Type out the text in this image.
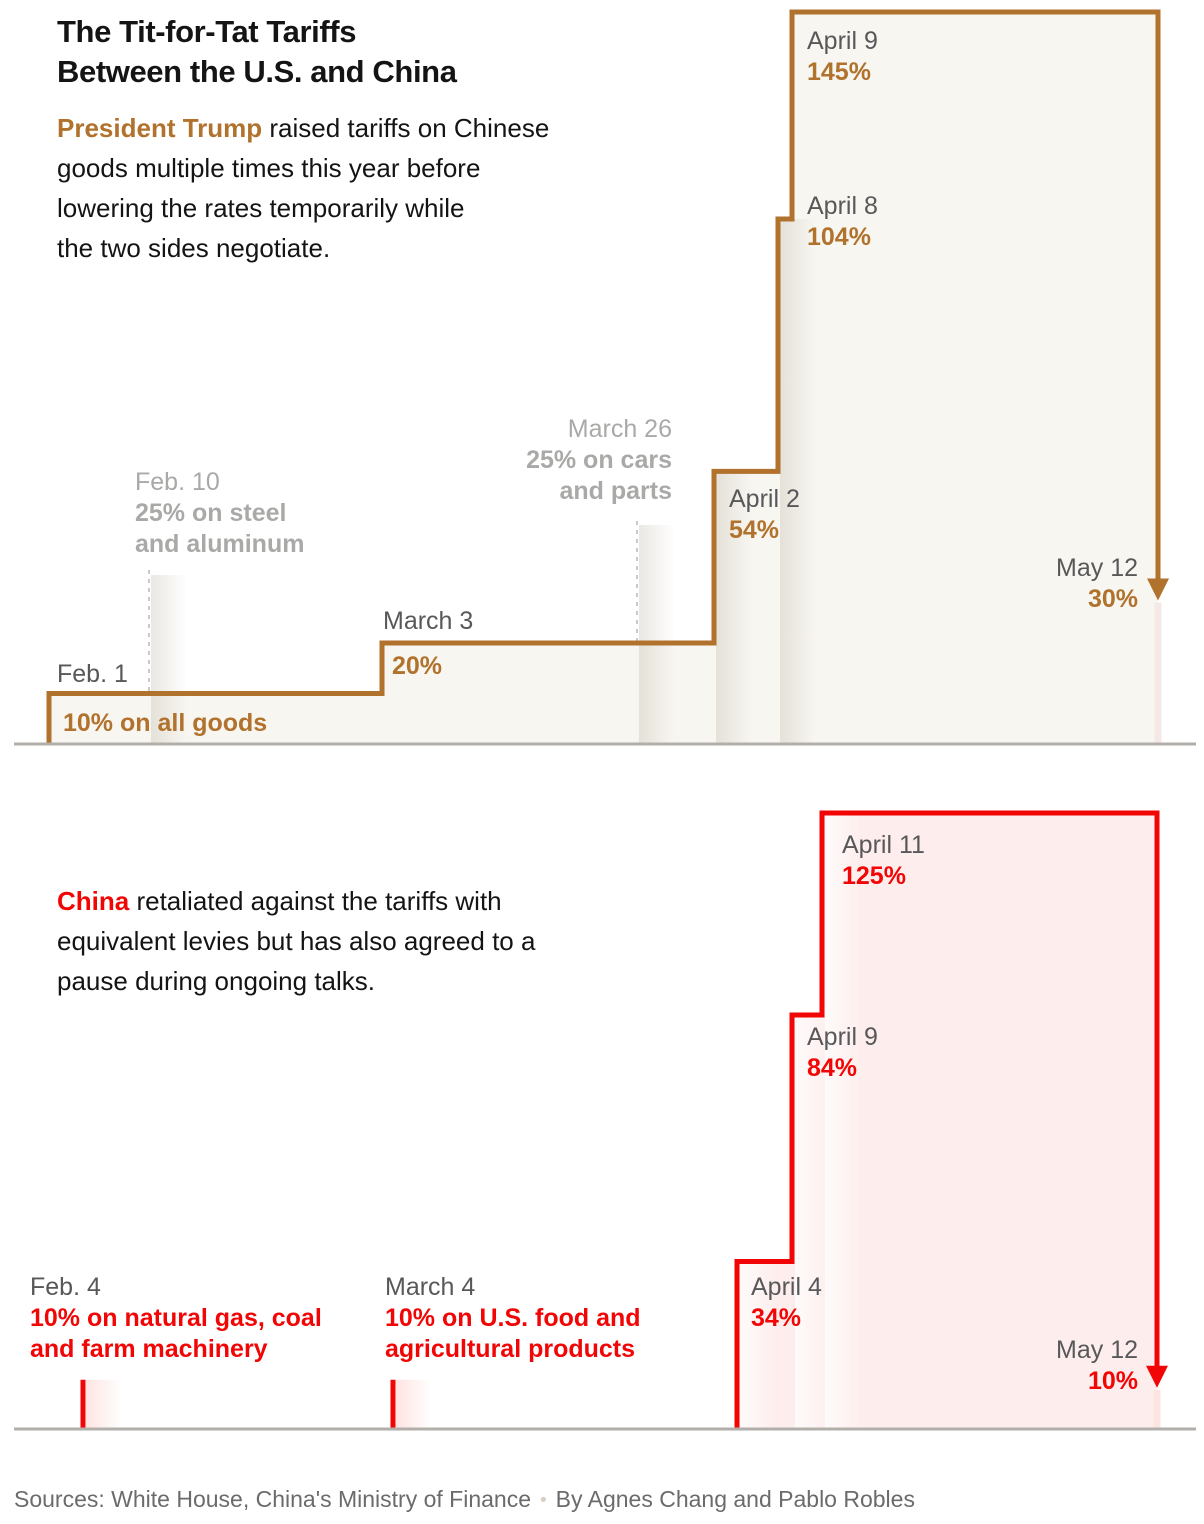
The Tit-for-Tat Tariffs
Between the U.S. and China

President Trump raised tariffs on Chinese
goods multiple times this year before
lowering the rates temporarily while
the two sides negotiate.

China retaliated against the tariffs with
equivalent levies but has also agreed to a
pause during ongoing talks.

April 9
145%
April 8
104%
April 2
54%
May 12
30%
March 3
20%
Feb. 1
10% on all goods
Feb. 10
25% on steel
and aluminum
March 26
25% on cars
and parts
April 11
125%
April 9
84%
April 4
34%
May 12
10%
Feb. 4
10% on natural gas, coal
and farm machinery
March 4
10% on U.S. food and
agricultural products
Sources: White House, China's Ministry of Finance • By Agnes Chang and Pablo Robles
